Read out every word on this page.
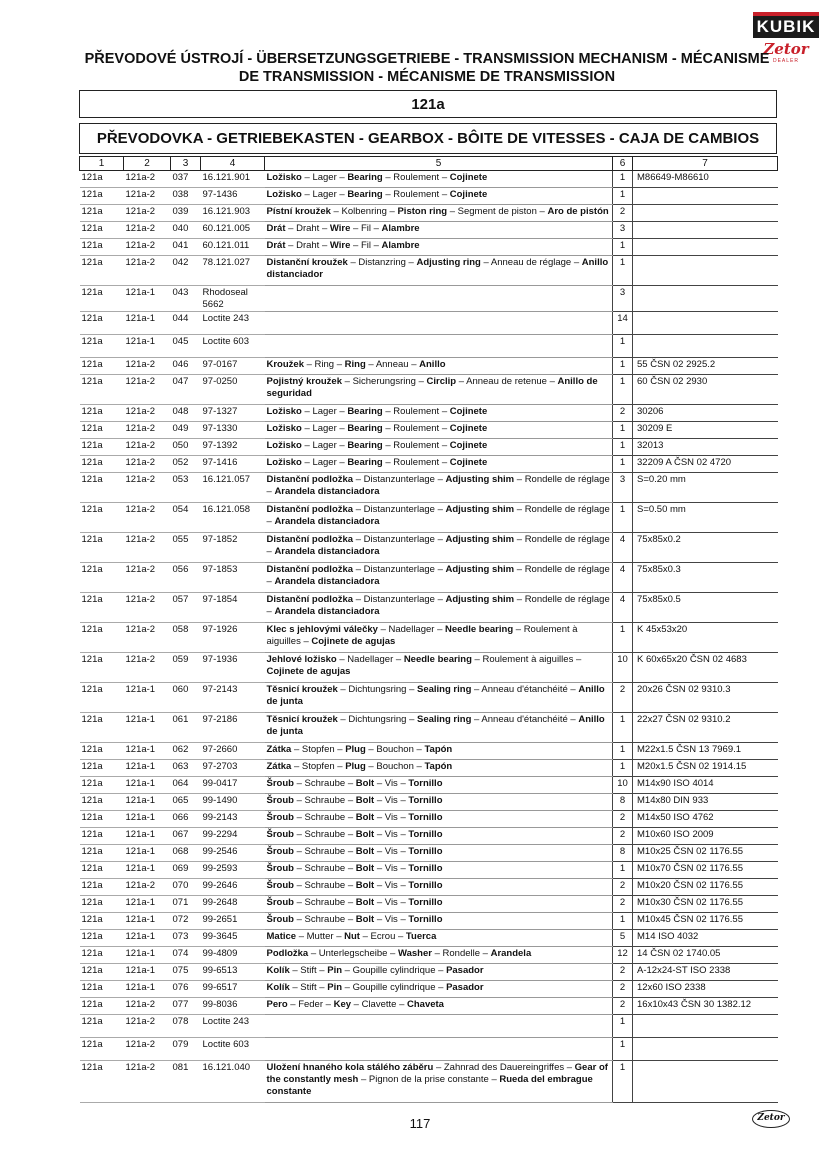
KUBIK
Zetor
DEALER
PŘEVODOVÉ ÚSTROJÍ - ÜBERSETZUNGSGETRIEBE - TRANSMISSION MECHANISM - MÉCANISME DE TRANSMISSION - MÉCANISME DE TRANSMISSION
121a
PŘEVODOVKA - GETRIEBEKASTEN - GEARBOX - BÔITE DE VITESSES - CAJA DE CAMBIOS
1	2	3	4	5	6	7
121a	121a-2	037	16.121.901	Ložisko – Lager – Bearing – Roulement – Cojinete	1	M86649-M86610
121a	121a-2	038	97-1436	Ložisko – Lager – Bearing – Roulement – Cojinete	1	
121a	121a-2	039	16.121.903	Pístní kroužek – Kolbenring – Piston ring – Segment de piston – Aro de pistón	2	
121a	121a-2	040	60.121.005	Drát – Draht – Wire – Fil – Alambre	3	
121a	121a-2	041	60.121.011	Drát – Draht – Wire – Fil – Alambre	1	
121a	121a-2	042	78.121.027	Distanční kroužek – Distanzring – Adjusting ring – Anneau de réglage – Anillo distanciador	1	
121a	121a-1	043	Rhodoseal 5662		3	
121a	121a-1	044	Loctite 243		14	
121a	121a-1	045	Loctite 603		1	
121a	121a-2	046	97-0167	Kroužek – Ring – Ring – Anneau – Anillo	1	55 ČSN 02 2925.2
121a	121a-2	047	97-0250	Pojistný kroužek – Sicherungsring – Circlip – Anneau de retenue – Anillo de seguridad	1	60 ČSN 02 2930
121a	121a-2	048	97-1327	Ložisko – Lager – Bearing – Roulement – Cojinete	2	30206
121a	121a-2	049	97-1330	Ložisko – Lager – Bearing – Roulement – Cojinete	1	30209 E
121a	121a-2	050	97-1392	Ložisko – Lager – Bearing – Roulement – Cojinete	1	32013
121a	121a-2	052	97-1416	Ložisko – Lager – Bearing – Roulement – Cojinete	1	32209 A ČSN 02 4720
121a	121a-2	053	16.121.057	Distanční podložka – Distanzunterlage – Adjusting shim – Rondelle de réglage – Arandela distanciadora	3	S=0.20 mm
121a	121a-2	054	16.121.058	Distanční podložka – Distanzunterlage – Adjusting shim – Rondelle de réglage – Arandela distanciadora	1	S=0.50 mm
121a	121a-2	055	97-1852	Distanční podložka – Distanzunterlage – Adjusting shim – Rondelle de réglage – Arandela distanciadora	4	75x85x0.2
121a	121a-2	056	97-1853	Distanční podložka – Distanzunterlage – Adjusting shim – Rondelle de réglage – Arandela distanciadora	4	75x85x0.3
121a	121a-2	057	97-1854	Distanční podložka – Distanzunterlage – Adjusting shim – Rondelle de réglage – Arandela distanciadora	4	75x85x0.5
121a	121a-2	058	97-1926	Klec s jehlovými válečky – Nadellager – Needle bearing – Roulement à aiguilles – Cojinete de agujas	1	K 45x53x20
121a	121a-2	059	97-1936	Jehlové ložisko – Nadellager – Needle bearing – Roulement à aiguilles – Cojinete de agujas	10	K 60x65x20 ČSN 02 4683
121a	121a-1	060	97-2143	Těsnicí kroužek – Dichtungsring – Sealing ring – Anneau d'étanchéité – Anillo de junta	2	20x26 ČSN 02 9310.3
121a	121a-1	061	97-2186	Těsnicí kroužek – Dichtungsring – Sealing ring – Anneau d'étanchéité – Anillo de junta	1	22x27 ČSN 02 9310.2
121a	121a-1	062	97-2660	Zátka – Stopfen – Plug – Bouchon – Tapón	1	M22x1.5 ČSN 13 7969.1
121a	121a-1	063	97-2703	Zátka – Stopfen – Plug – Bouchon – Tapón	1	M20x1.5 ČSN 02 1914.15
121a	121a-1	064	99-0417	Šroub – Schraube – Bolt – Vis – Tornillo	10	M14x90 ISO 4014
121a	121a-1	065	99-1490	Šroub – Schraube – Bolt – Vis – Tornillo	8	M14x80 DIN 933
121a	121a-1	066	99-2143	Šroub – Schraube – Bolt – Vis – Tornillo	2	M14x50 ISO 4762
121a	121a-1	067	99-2294	Šroub – Schraube – Bolt – Vis – Tornillo	2	M10x60 ISO 2009
121a	121a-1	068	99-2546	Šroub – Schraube – Bolt – Vis – Tornillo	8	M10x25 ČSN 02 1176.55
121a	121a-1	069	99-2593	Šroub – Schraube – Bolt – Vis – Tornillo	1	M10x70 ČSN 02 1176.55
121a	121a-2	070	99-2646	Šroub – Schraube – Bolt – Vis – Tornillo	2	M10x20 ČSN 02 1176.55
121a	121a-1	071	99-2648	Šroub – Schraube – Bolt – Vis – Tornillo	2	M10x30 ČSN 02 1176.55
121a	121a-1	072	99-2651	Šroub – Schraube – Bolt – Vis – Tornillo	1	M10x45 ČSN 02 1176.55
121a	121a-1	073	99-3645	Matice – Mutter – Nut – Ecrou – Tuerca	5	M14 ISO 4032
121a	121a-1	074	99-4809	Podložka – Unterlegscheibe – Washer – Rondelle – Arandela	12	14 ČSN 02 1740.05
121a	121a-1	075	99-6513	Kolík – Stift – Pin – Goupille cylindrique – Pasador	2	A-12x24-ST ISO 2338
121a	121a-1	076	99-6517	Kolík – Stift – Pin – Goupille cylindrique – Pasador	2	12x60 ISO 2338
121a	121a-2	077	99-8036	Pero – Feder – Key – Clavette – Chaveta	2	16x10x43 ČSN 30 1382.12
121a	121a-2	078	Loctite 243		1	
121a	121a-2	079	Loctite 603		1	
121a	121a-2	081	16.121.040	Uložení hnaného kola stálého záběru – Zahnrad des Dauereingriffes – Gear of the constantly mesh – Pignon de la prise constante – Rueda del embrague constante	1	
117	Zetor
